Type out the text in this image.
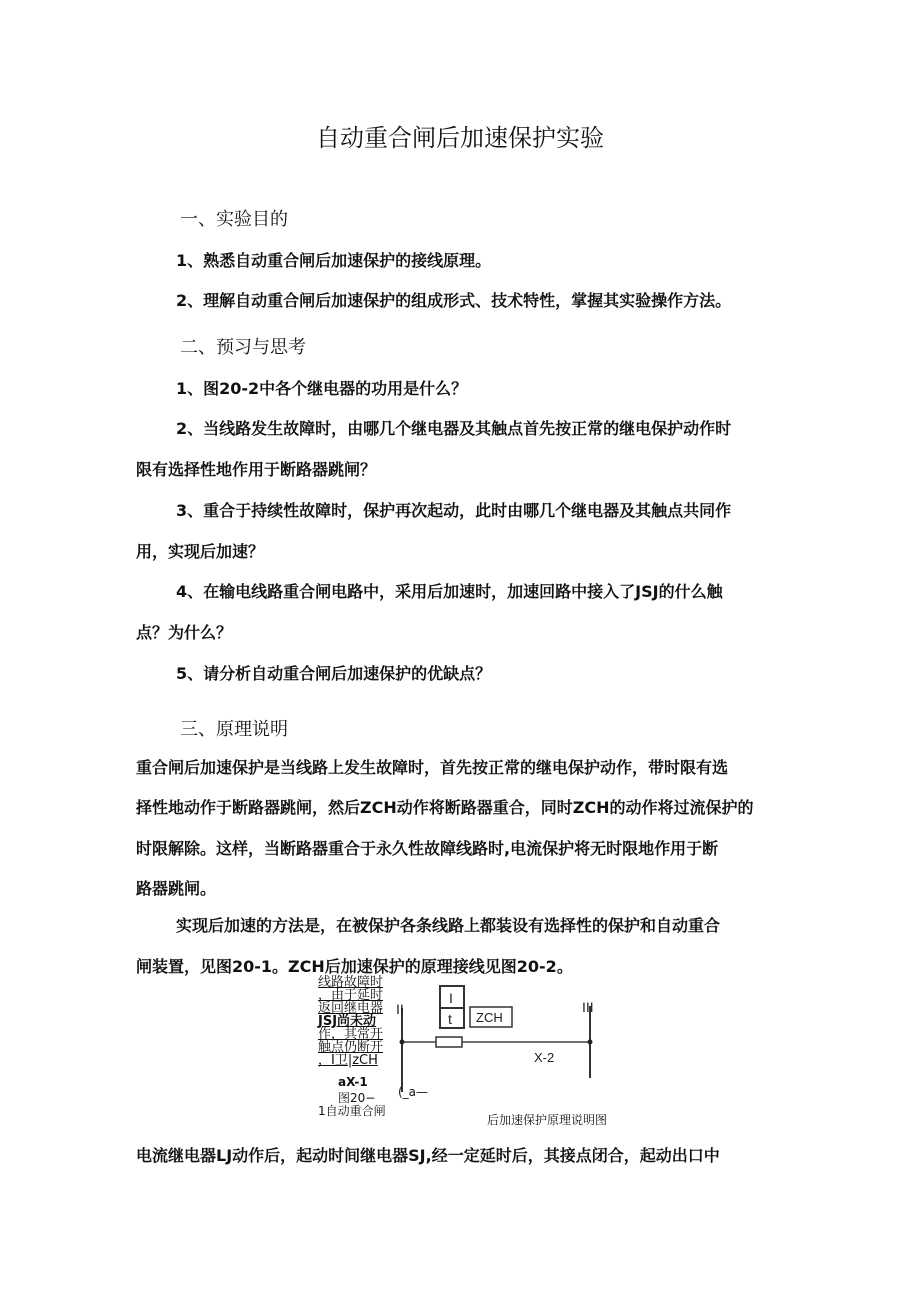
自动重合闸后加速保护实验
一、实验目的
1、熟悉自动重合闸后加速保护的接线原理。
2、理解自动重合闸后加速保护的组成形式、技术特性，掌握其实验操作方法。
二、预习与思考
1、图20-2中各个继电器的功用是什么？
2、当线路发生故障时，由哪几个继电器及其触点首先按正常的继电保护动作时
限有选择性地作用于断路器跳闸？
3、重合于持续性故障时，保护再次起动，此时由哪几个继电器及其触点共同作
用，实现后加速？
4、在输电线路重合闸电路中，采用后加速时，加速回路中接入了JSJ的什么触
点？为什么？
5、请分析自动重合闸后加速保护的优缺点？
三、原理说明
重合闸后加速保护是当线路上发生故障时，首先按正常的继电保护动作，带时限有选
择性地动作于断路器跳闸，然后ZCH动作将断路器重合，同时ZCH的动作将过流保护的
时限解除。这样，当断路器重合于永久性故障线路时,电流保护将无时限地作用于断
路器跳闸。
实现后加速的方法是，在被保护各条线路上都装设有选择性的保护和自动重合
闸装置，见图20-1。ZCH后加速保护的原理接线见图20-2。
线路故障时
，由于延时
返回继电器
JSJ尚未动
作，其常开
触点仍断开
，I卫|zCH
aX-1
图20−
1自动重合闸
(_a—
II	III
I
t ZCH
X-2
后加速保护原理说明图
电流继电器LJ动作后，起动时间继电器SJ,经一定延时后，其接点闭合，起动出口中
